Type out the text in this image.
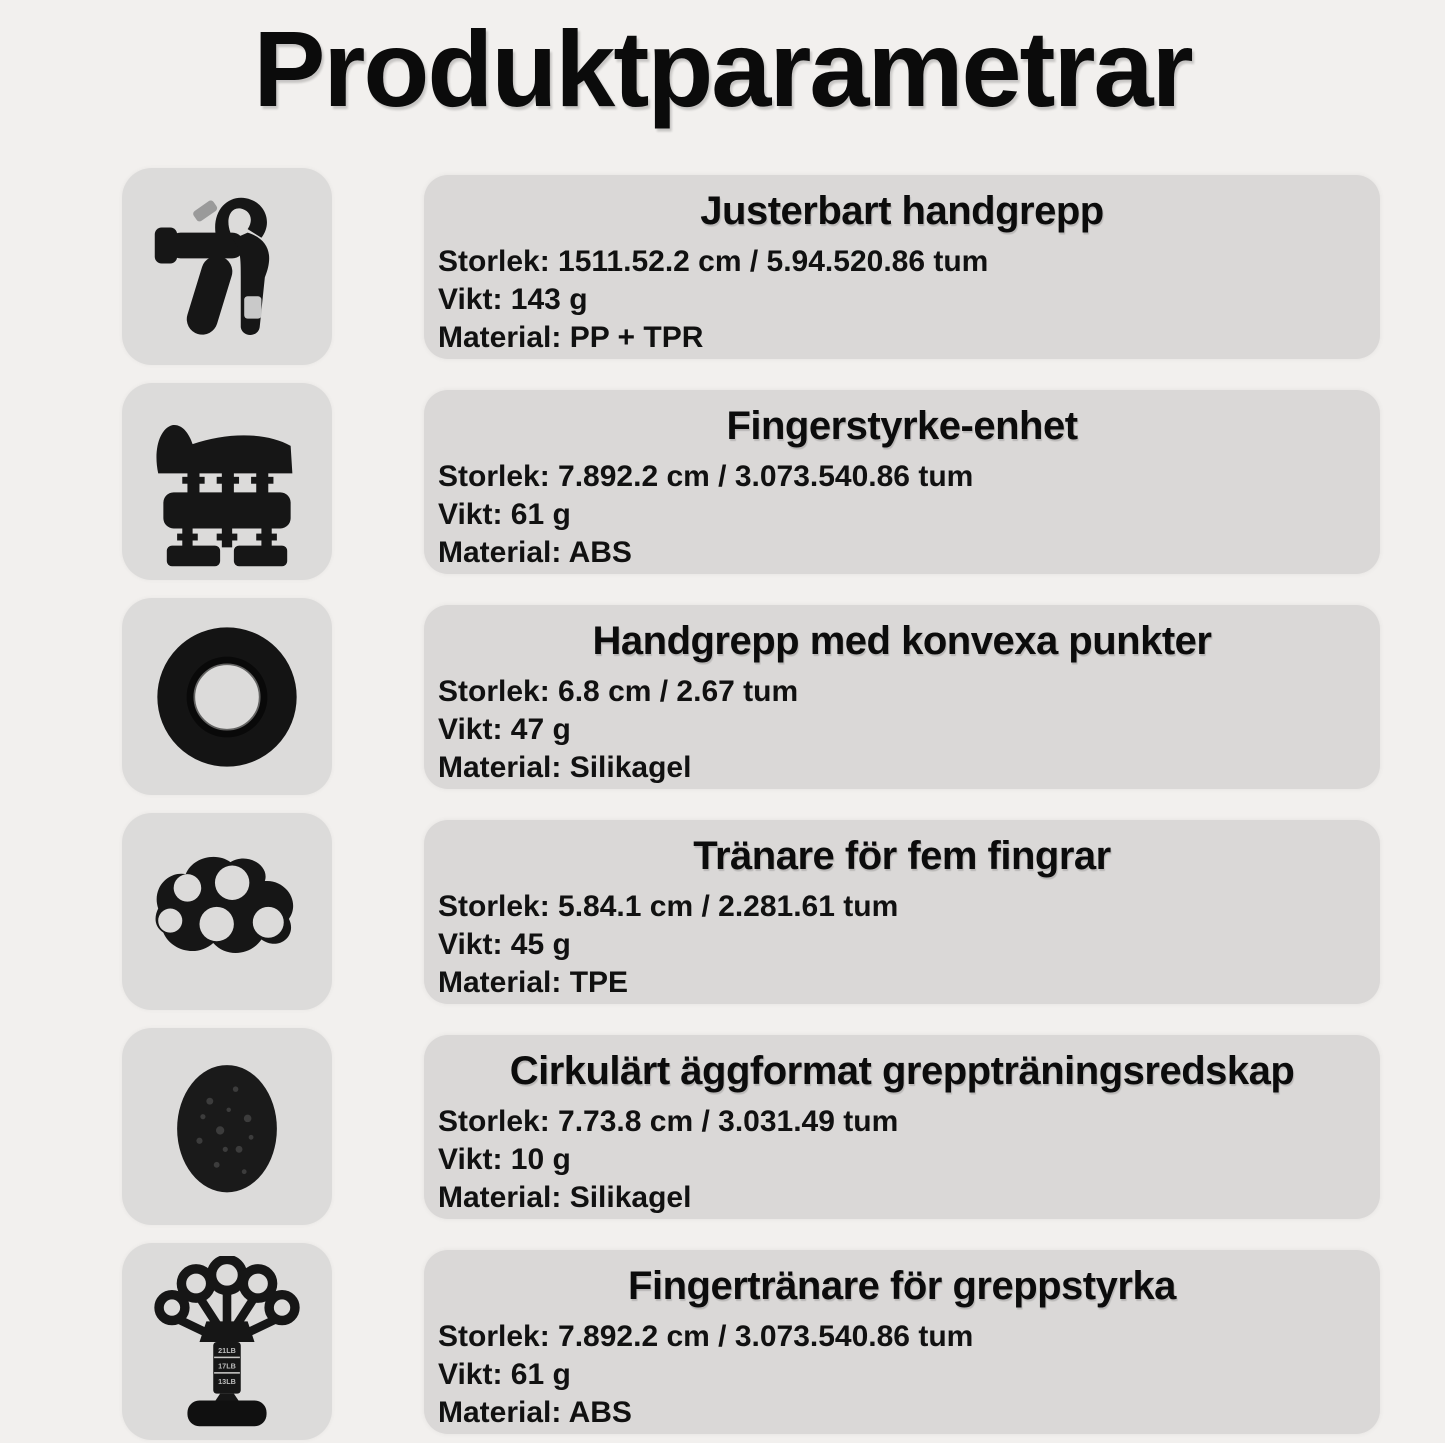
Produktparametrar
Justerbart handgrepp
Storlek: 1511.52.2 cm / 5.94.520.86 tum
Vikt: 143 g
Material: PP + TPR
Fingerstyrke-enhet
Storlek: 7.892.2 cm / 3.073.540.86 tum
Vikt: 61 g
Material: ABS
Handgrepp med konvexa punkter
Storlek: 6.8 cm / 2.67 tum
Vikt: 47 g
Material: Silikagel
Tränare för fem fingrar
Storlek: 5.84.1 cm / 2.281.61 tum
Vikt: 45 g
Material: TPE
Cirkulärt äggformat greppträningsredskap
Storlek: 7.73.8 cm / 3.031.49 tum
Vikt: 10 g
Material: Silikagel
21LB
17LB
13LB
Fingertränare för greppstyrka
Storlek: 7.892.2 cm / 3.073.540.86 tum
Vikt: 61 g
Material: ABS
